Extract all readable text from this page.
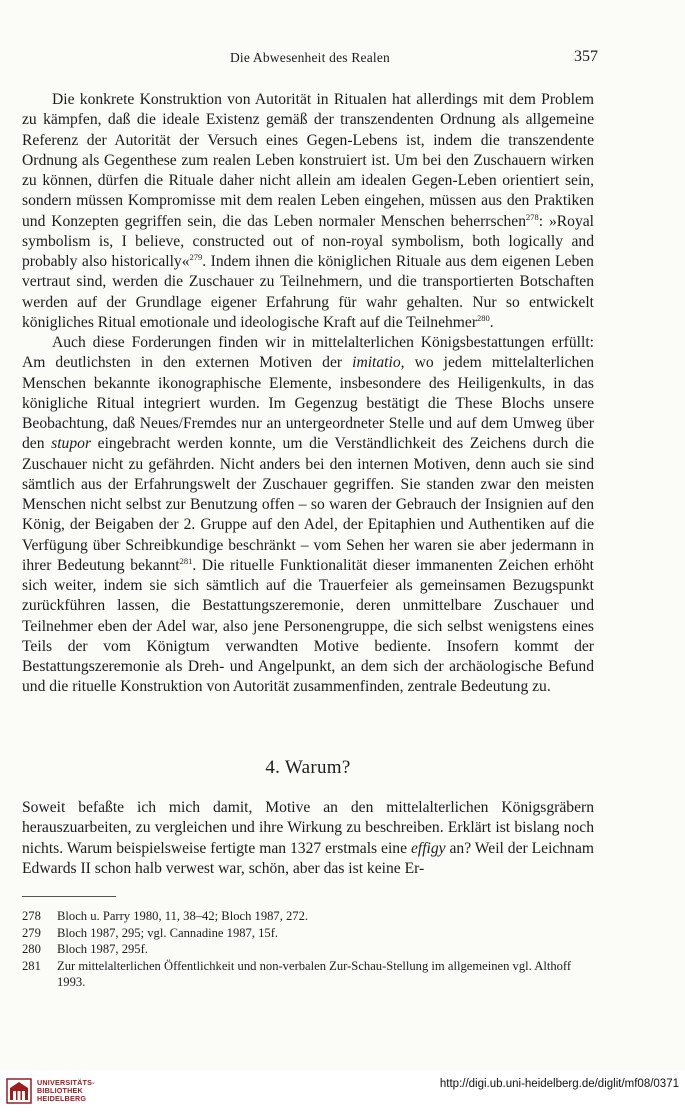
Die Abwesenheit des Realen	357

Die konkrete Konstruktion von Autorität in Ritualen hat allerdings mit dem Problem zu kämpfen, daß die ideale Existenz gemäß der transzendenten Ordnung als allgemeine Referenz der Autorität der Versuch eines Gegen-Lebens ist, indem die transzendente Ordnung als Gegenthese zum realen Leben konstruiert ist. Um bei den Zuschauern wirken zu können, dürfen die Rituale daher nicht allein am idealen Gegen-Leben orientiert sein, sondern müssen Kompromisse mit dem realen Leben eingehen, müssen aus den Praktiken und Konzepten gegriffen sein, die das Leben normaler Menschen beherrschen$^{278}$: »Royal symbolism is, I believe, constructed out of non-royal symbolism, both logically and probably also historically«$^{279}$. Indem ihnen die königlichen Rituale aus dem eigenen Leben vertraut sind, werden die Zuschauer zu Teilnehmern, und die transportierten Botschaften werden auf der Grundlage eigener Erfahrung für wahr gehalten. Nur so entwickelt königliches Ritual emotionale und ideologische Kraft auf die Teilnehmer$^{280}$.

Auch diese Forderungen finden wir in mittelalterlichen Königsbestattungen erfüllt: Am deutlichsten in den externen Motiven der imitatio, wo jedem mittelalterlichen Menschen bekannte ikonographische Elemente, insbesondere des Heiligenkults, in das königliche Ritual integriert wurden. Im Gegenzug bestätigt die These Blochs unsere Beobachtung, daß Neues/Fremdes nur an untergeordneter Stelle und auf dem Umweg über den stupor eingebracht werden konnte, um die Verständlichkeit des Zeichens durch die Zuschauer nicht zu gefährden. Nicht anders bei den internen Motiven, denn auch sie sind sämtlich aus der Erfahrungswelt der Zuschauer gegriffen. Sie standen zwar den meisten Menschen nicht selbst zur Benutzung offen – so waren der Gebrauch der Insignien auf den König, der Beigaben der 2. Gruppe auf den Adel, der Epitaphien und Authentiken auf die Verfügung über Schreibkundige beschränkt – vom Sehen her waren sie aber jedermann in ihrer Bedeutung bekannt$^{281}$. Die rituelle Funktionalität dieser immanenten Zeichen erhöht sich weiter, indem sie sich sämtlich auf die Trauerfeier als gemeinsamen Bezugspunkt zurückführen lassen, die Bestattungszeremonie, deren unmittelbare Zuschauer und Teilnehmer eben der Adel war, also jene Personengruppe, die sich selbst wenigstens eines Teils der vom Königtum verwandten Motive bediente. Insofern kommt der Bestattungszeremonie als Dreh- und Angelpunkt, an dem sich der archäologische Befund und die rituelle Konstruktion von Autorität zusammenfinden, zentrale Bedeutung zu.

4. Warum?

Soweit befaßte ich mich damit, Motive an den mittelalterlichen Königsgräbern herauszuarbeiten, zu vergleichen und ihre Wirkung zu beschreiben. Erklärt ist bislang noch nichts. Warum beispielsweise fertigte man 1327 erstmals eine effigy an? Weil der Leichnam Edwards II schon halb verwest war, schön, aber das ist keine Er-

278	Bloch u. Parry 1980, 11, 38–42; Bloch 1987, 272.
279	Bloch 1987, 295; vgl. Cannadine 1987, 15f.
280	Bloch 1987, 295f.
281	Zur mittelalterlichen Öffentlichkeit und non-verbalen Zur-Schau-Stellung im allgemeinen vgl. Althoff 1993.
UNIVERSITÄTS-
BIBLIOTHEK
HEIDELBERG
http://digi.ub.uni-heidelberg.de/diglit/mf08/0371
